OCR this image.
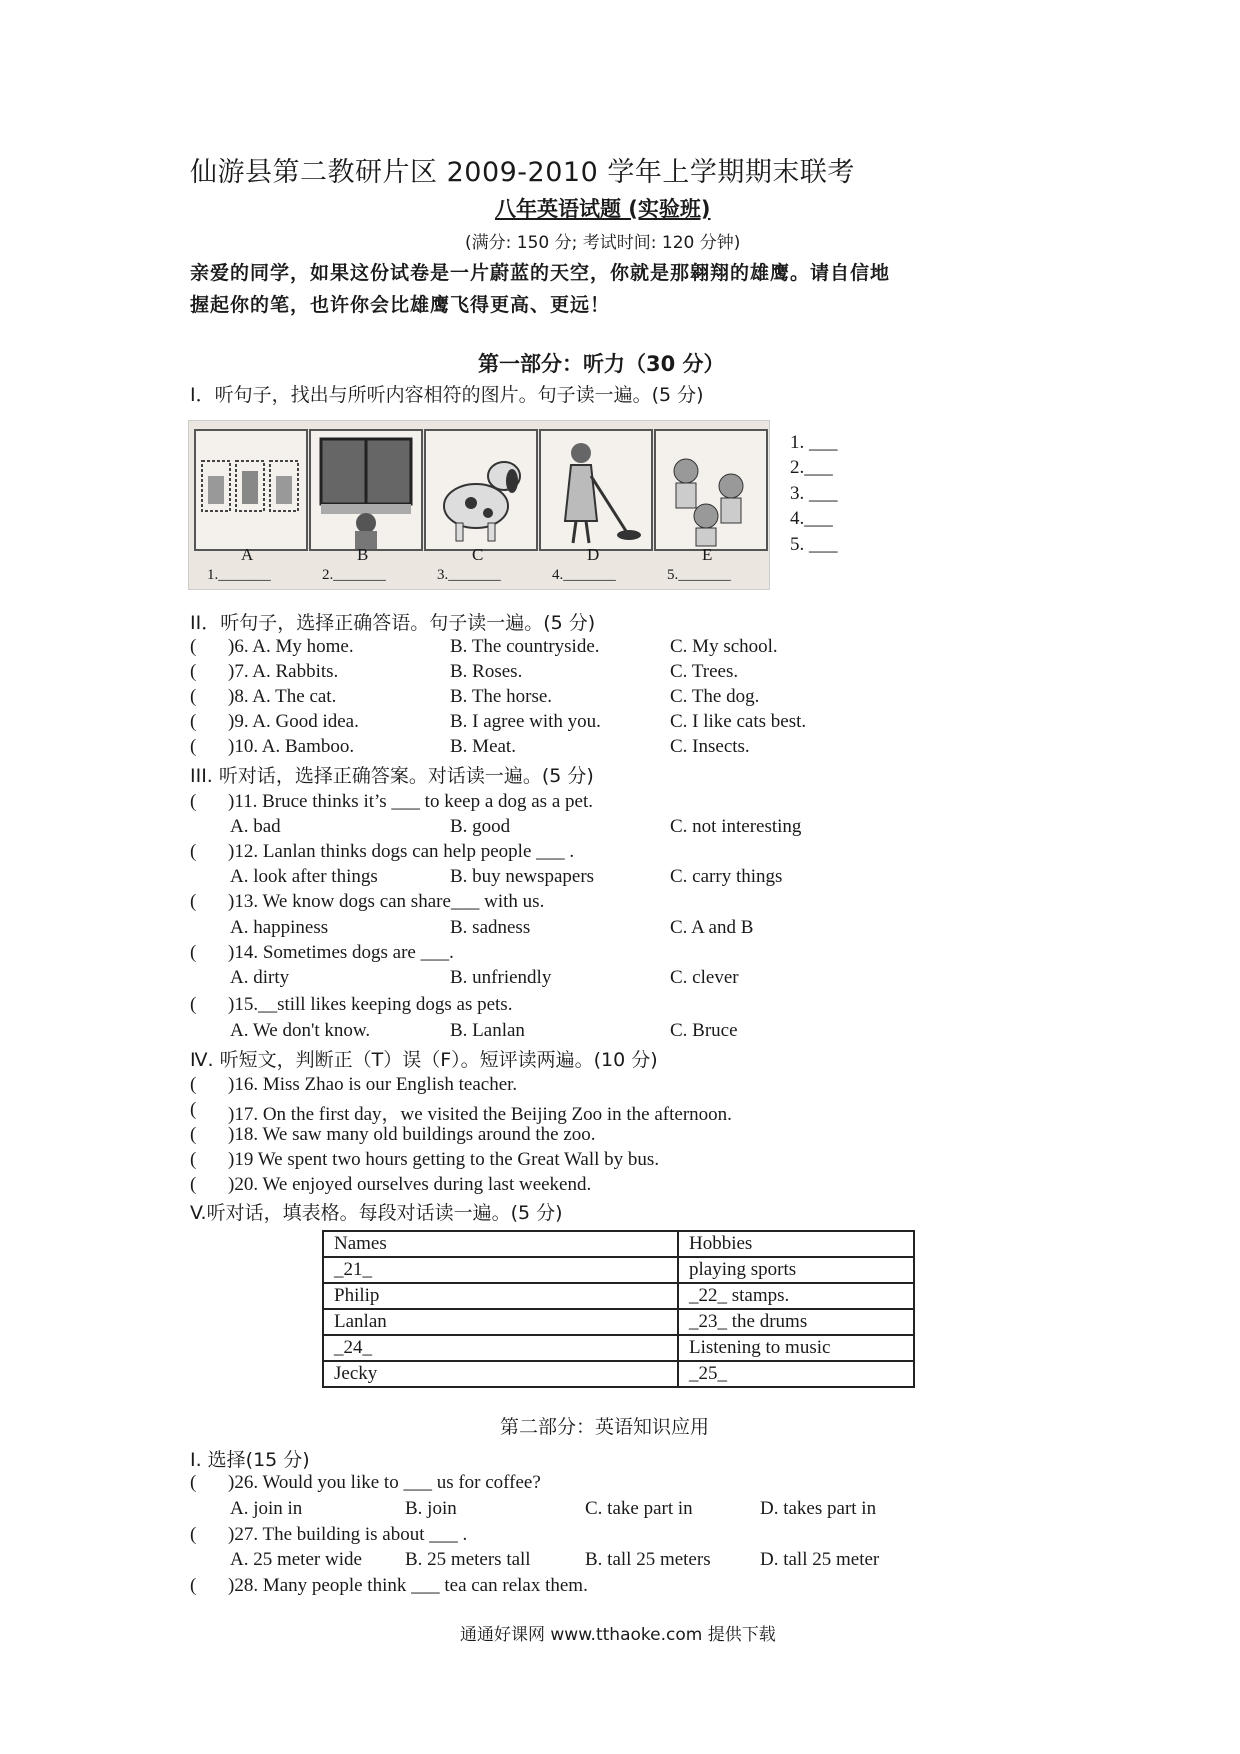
仙游县第二教研片区 2009-2010 学年上学期期末联考
八年英语试题 (实验班)
(满分: 150 分; 考试时间: 120 分钟)
亲爱的同学，如果这份试卷是一片蔚蓝的天空，你就是那翱翔的雄鹰。请自信地
握起你的笔，也许你会比雄鹰飞得更高、更远！
第一部分：听力（30 分）
I．听句子，找出与所听内容相符的图片。句子读一遍。(5 分)
A
1._______
B
2._______
C
3._______
D
4._______
E
5._______
1. ___
2.___
3. ___
4.___
5. ___
II．听句子，选择正确答语。句子读一遍。(5 分)
( )6. A. My home.	B. The countryside.	C. My school.
( )7. A. Rabbits.	B. Roses.	C. Trees.
( )8. A. The cat.	B. The horse.	C. The dog.
( )9. A. Good idea.	B. I agree with you.	C. I like cats best.
( )10. A. Bamboo.	B. Meat.	C. Insects.
III. 听对话，选择正确答案。对话读一遍。(5 分)
( )11. Bruce thinks it’s ___ to keep a dog as a pet.
A. bad	B. good	C. not interesting
( )12. Lanlan thinks dogs can help people ___ .
A. look after things	B. buy newspapers	C. carry things
( )13. We know dogs can share___ with us.
A. happiness	B. sadness	C. A and B
( )14. Sometimes dogs are ___.
A. dirty	B. unfriendly	C. clever
( )15.__still likes keeping dogs as pets.
A. We don't know.	B. Lanlan	C. Bruce
Ⅳ. 听短文，判断正（T）误（F）。短评读两遍。(10 分)
( )16. Miss Zhao is our English teacher.
( )17. On the first day，we visited the Beijing Zoo in the afternoon.
( )18. We saw many old buildings around the zoo.
( )19 We spent two hours getting to the Great Wall by bus.
( )20. We enjoyed ourselves during last weekend.
V.听对话，填表格。每段对话读一遍。(5 分)
Names	Hobbies
_21_	playing sports
Philip	_22_ stamps.
Lanlan	_23_ the drums
_24_	Listening to music
Jecky	_25_
第二部分：英语知识应用
I. 选择(15 分)
( )26. Would you like to ___ us for coffee?
A. join in	B. join	C. take part in	D. takes part in
( )27. The building is about ___ .
A. 25 meter wide B. 25 meters tall	B. tall 25 meters	D. tall 25 meter
( )28. Many people think ___ tea can relax them.
通通好课网 www.tthaoke.com 提供下载
